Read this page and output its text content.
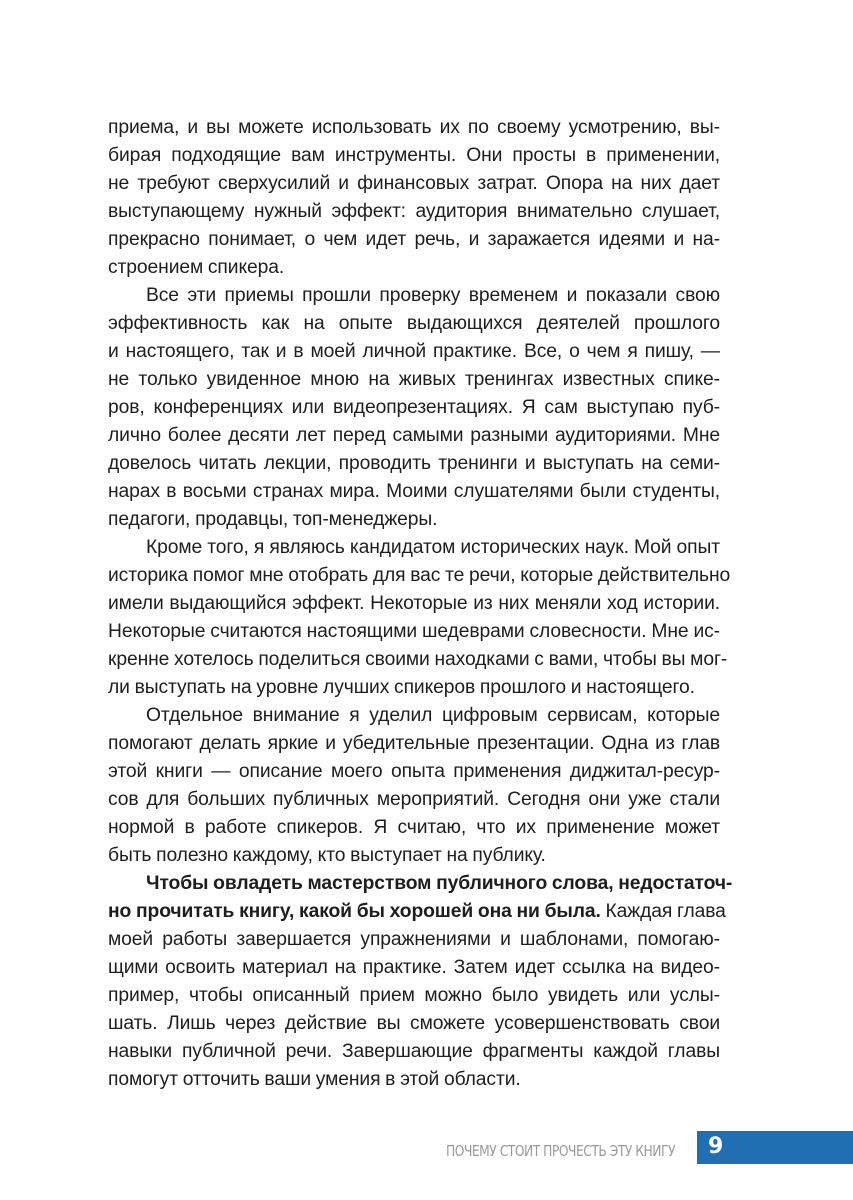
приема, и вы можете использовать их по своему усмотрению, вы-
бирая подходящие вам инструменты. Они просты в применении,
не требуют сверхусилий и финансовых затрат. Опора на них дает
выступающему нужный эффект: аудитория внимательно слушает,
прекрасно понимает, о чем идет речь, и заражается идеями и на-
строением спикера.

Все эти приемы прошли проверку временем и показали свою
эффективность как на опыте выдающихся деятелей прошлого
и настоящего, так и в моей личной практике. Все, о чем я пишу, —
не только увиденное мною на живых тренингах известных спике-
ров, конференциях или видеопрезентациях. Я сам выступаю пуб-
лично более десяти лет перед самыми разными аудиториями. Мне
довелось читать лекции, проводить тренинги и выступать на семи-
нарах в восьми странах мира. Моими слушателями были студенты,
педагоги, продавцы, топ-менеджеры.

Кроме того, я являюсь кандидатом исторических наук. Мой опыт
историка помог мне отобрать для вас те речи, которые действительно
имели выдающийся эффект. Некоторые из них меняли ход истории.
Некоторые считаются настоящими шедеврами словесности. Мне ис-
кренне хотелось поделиться своими находками с вами, чтобы вы мог-
ли выступать на уровне лучших спикеров прошлого и настоящего.

Отдельное внимание я уделил цифровым сервисам, которые
помогают делать яркие и убедительные презентации. Одна из глав
этой книги — описание моего опыта применения диджитал-ресур-
сов для больших публичных мероприятий. Сегодня они уже стали
нормой в работе спикеров. Я считаю, что их применение может
быть полезно каждому, кто выступает на публику.

Чтобы овладеть мастерством публичного слова, недостаточ-
но прочитать книгу, какой бы хорошей она ни была. Каждая глава
моей работы завершается упражнениями и шаблонами, помогаю-
щими освоить материал на практике. Затем идет ссылка на видео-
пример, чтобы описанный прием можно было увидеть или услы-
шать. Лишь через действие вы сможете усовершенствовать свои
навыки публичной речи. Завершающие фрагменты каждой главы
помогут отточить ваши умения в этой области.

ПОЧЕМУ СТОИТ ПРОЧЕСТЬ ЭТУ КНИГУ 9
